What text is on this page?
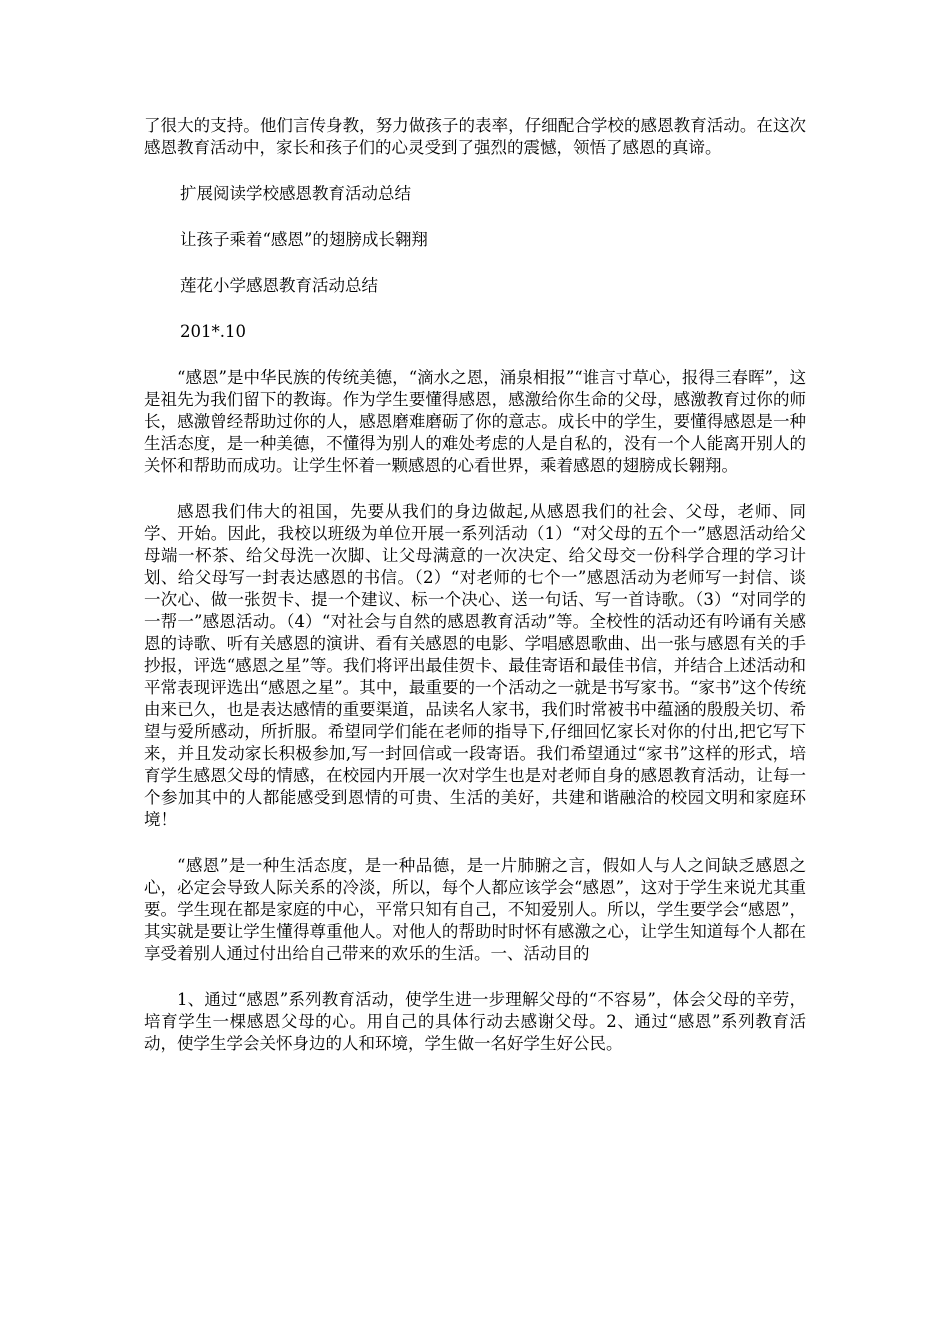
了很大的支持。他们言传身教，努力做孩子的表率，仔细配合学校的感恩教育活动。在这次感恩教育活动中，家长和孩子们的心灵受到了强烈的震憾，领悟了感恩的真谛。

扩展阅读学校感恩教育活动总结

让孩子乘着“感恩”的翅膀成长翱翔

莲花小学感恩教育活动总结

201*.10

“感恩”是中华民族的传统美德，“滴水之恩，涌泉相报”“谁言寸草心，报得三春晖”，这是祖先为我们留下的教诲。作为学生要懂得感恩，感激给你生命的父母，感激教育过你的师长，感激曾经帮助过你的人，感恩磨难磨砺了你的意志。成长中的学生，要懂得感恩是一种生活态度，是一种美德，不懂得为别人的难处考虑的人是自私的，没有一个人能离开别人的关怀和帮助而成功。让学生怀着一颗感恩的心看世界，乘着感恩的翅膀成长翱翔。

感恩我们伟大的祖国，先要从我们的身边做起,从感恩我们的社会、父母，老师、同学、开始。因此，我校以班级为单位开展一系列活动（1）“对父母的五个一”感恩活动给父母端一杯茶、给父母洗一次脚、让父母满意的一次决定、给父母交一份科学合理的学习计划、给父母写一封表达感恩的书信。（2）“对老师的七个一”感恩活动为老师写一封信、谈一次心、做一张贺卡、提一个建议、标一个决心、送一句话、写一首诗歌。（3）“对同学的一帮一”感恩活动。（4）“对社会与自然的感恩教育活动”等。全校性的活动还有吟诵有关感恩的诗歌、听有关感恩的演讲、看有关感恩的电影、学唱感恩歌曲、出一张与感恩有关的手抄报，评选“感恩之星”等。我们将评出最佳贺卡、最佳寄语和最佳书信，并结合上述活动和平常表现评选出“感恩之星”。其中，最重要的一个活动之一就是书写家书。“家书”这个传统由来已久，也是表达感情的重要渠道，品读名人家书，我们时常被书中蕴涵的殷殷关切、希望与爱所感动，所折服。希望同学们能在老师的指导下,仔细回忆家长对你的付出,把它写下来，并且发动家长积极参加,写一封回信或一段寄语。我们希望通过“家书”这样的形式，培育学生感恩父母的情感，在校园内开展一次对学生也是对老师自身的感恩教育活动，让每一个参加其中的人都能感受到恩情的可贵、生活的美好，共建和谐融洽的校园文明和家庭环境！

“感恩”是一种生活态度，是一种品德，是一片肺腑之言，假如人与人之间缺乏感恩之心，必定会导致人际关系的冷淡，所以，每个人都应该学会“感恩”，这对于学生来说尤其重要。学生现在都是家庭的中心，平常只知有自己，不知爱别人。所以，学生要学会“感恩”，其实就是要让学生懂得尊重他人。对他人的帮助时时怀有感激之心，让学生知道每个人都在享受着别人通过付出给自己带来的欢乐的生活。一、活动目的

1、通过“感恩”系列教育活动，使学生进一步理解父母的“不容易”，体会父母的辛劳，培育学生一棵感恩父母的心。用自己的具体行动去感谢父母。2、通过“感恩”系列教育活动，使学生学会关怀身边的人和环境，学生做一名好学生好公民。
